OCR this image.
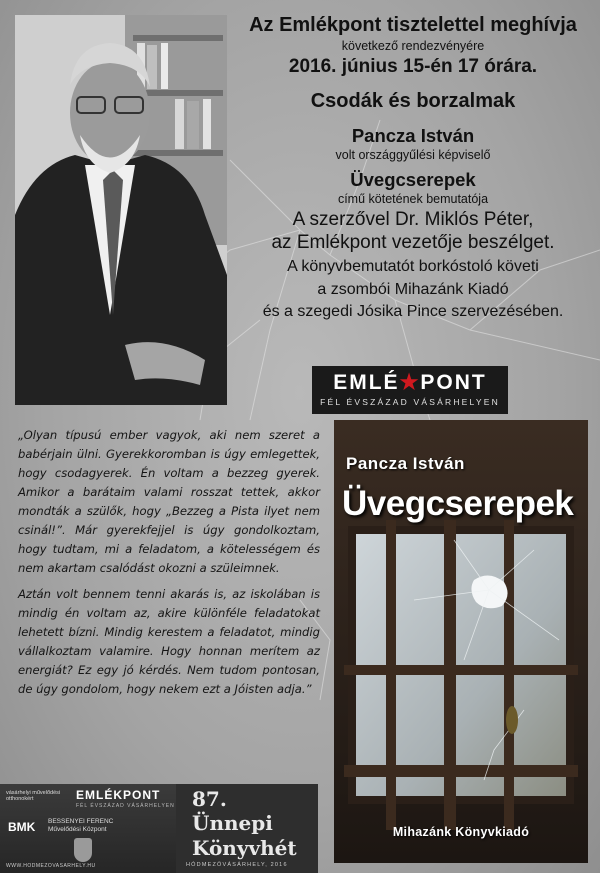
Az Emlékpont tisztelettel meghívja
következő rendezvényére
2016. június 15-én 17 órára.
Csodák és borzalmak
Pancza István
volt országgyűlési képviselő
Üvegcserepek
című kötetének bemutatója
A szerzővel Dr. Miklós Péter,
az Emlékpont vezetője beszélget.
A könyvbemutatót borkóstoló követi
a zsombói Mihazánk Kiadó
és a szegedi Jósika Pince szervezésében.
EMLÉ★PONT
FÉL ÉVSZÁZAD VÁSÁRHELYEN

„Olyan típusú ember vagyok, aki nem szeret a babérjain ülni. Gyerekkoromban is úgy emlegettek, hogy csodagyerek. Én voltam a bezzeg gyerek. Amikor a barátaim valami rosszat tettek, akkor mondták a szülők, hogy „Bezzeg a Pista ilyet nem csinál!”. Már gyerekfejjel is úgy gondolkoztam, hogy tudtam, mi a feladatom, a kötelességem és nem akartam csalódást okozni a szüleimnek.

Aztán volt bennem tenni akarás is, az iskolában is mindig én voltam az, akire különféle feladatokat lehetett bízni. Mindig kerestem a feladatot, mindig vállalkoztam valamire. Hogy honnan merítem az energiát? Ez egy jó kérdés. Nem tudom pontosan, de úgy gondolom, hogy nekem ezt a Jóisten adja.”

Pancza István
Üvegcserepek
Mihazánk Könyvkiadó
vásárhelyi művelődési otthonokért	EMLÉKPONT
FÉL ÉVSZÁZAD VÁSÁRHELYEN
BMK BESSENYEI FERENC
Művelődési Központ
WWW.HODMEZOVASARHELY.HU
87.
Ünnepi
Könyvhét
HÓDMEZŐVÁSÁRHELY, 2016
